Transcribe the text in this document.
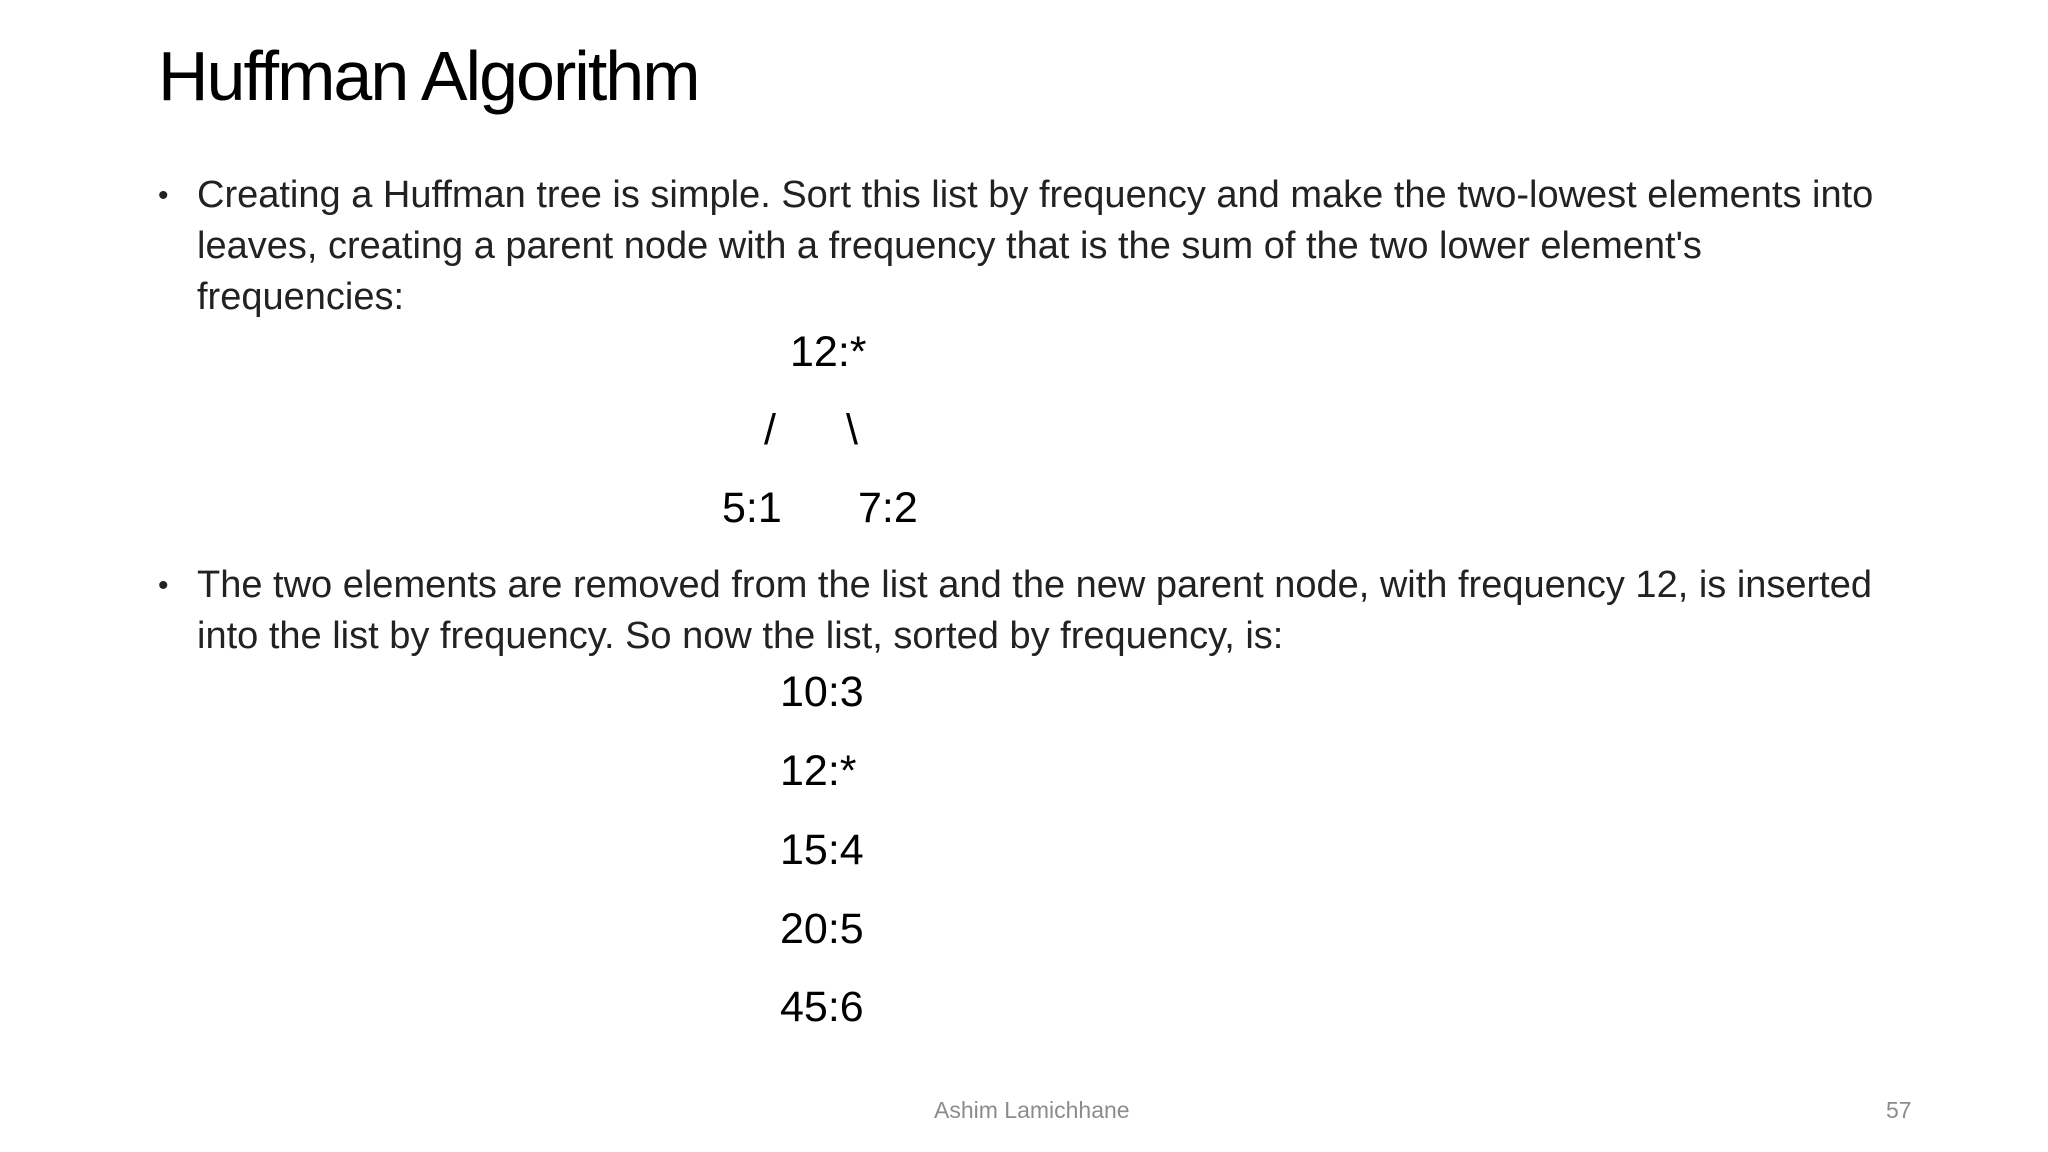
Huffman Algorithm
• Creating a Huffman tree is simple. Sort this list by frequency and make the two-lowest elements into leaves, creating a parent node with a frequency that is the sum of the two lower element's frequencies:
12:*
/ \
5:1 7:2
• The two elements are removed from the list and the new parent node, with frequency 12, is inserted into the list by frequency. So now the list, sorted by frequency, is:
10:3
12:*
15:4
20:5
45:6
Ashim Lamichhane	57
